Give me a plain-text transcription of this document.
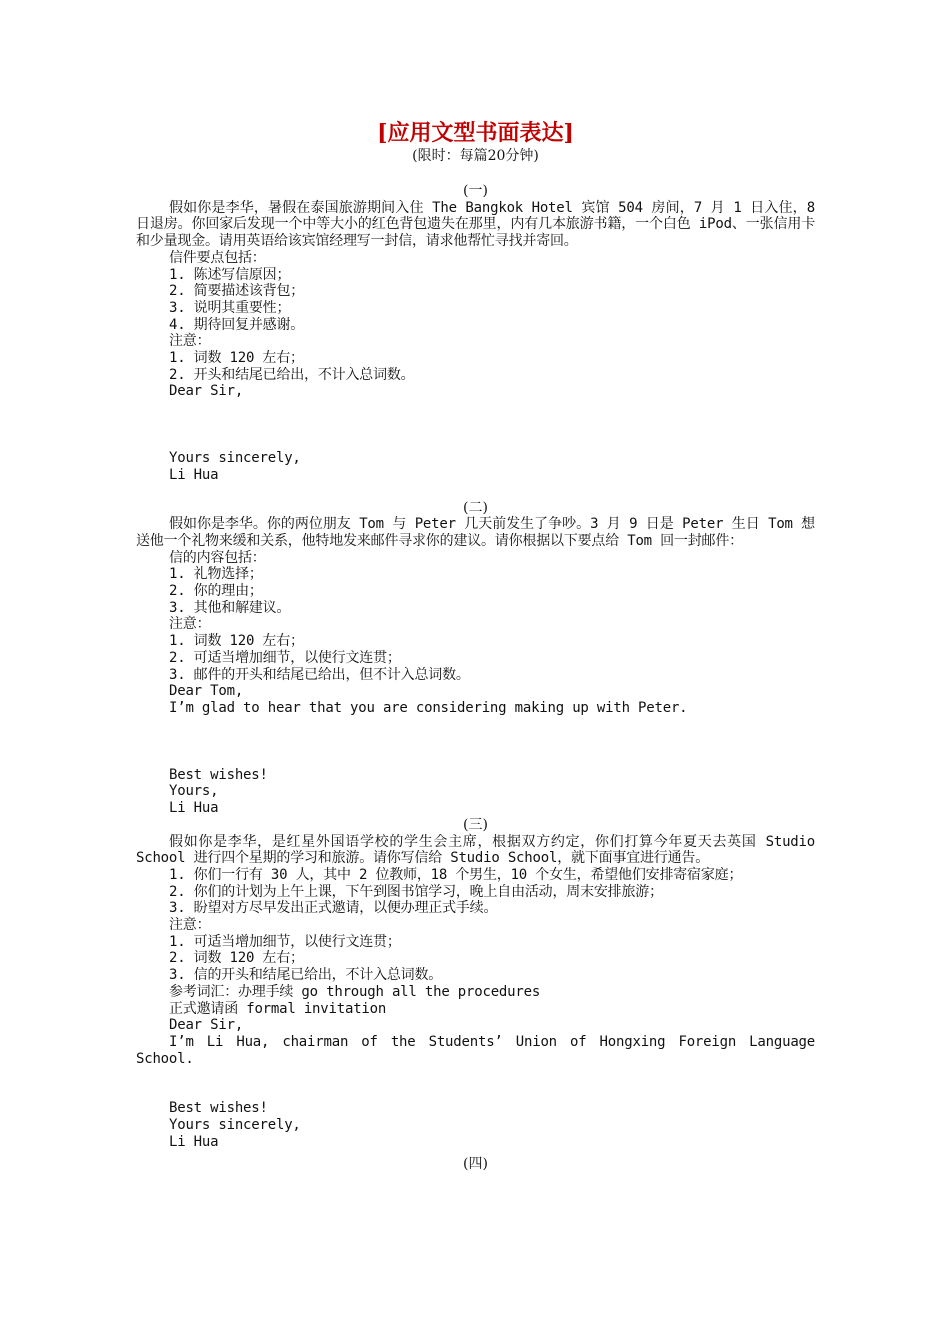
[应用文型书面表达]

(限时：每篇20分钟)

(一)

假如你是李华，暑假在泰国旅游期间入住 The Bangkok Hotel 宾馆 504 房间，7 月 1 日入住，8 日退房。你回家后发现一个中等大小的红色背包遗失在那里，内有几本旅游书籍，一个白色 iPod、一张信用卡和少量现金。请用英语给该宾馆经理写一封信，请求他帮忙寻找并寄回。

信件要点包括：

1. 陈述写信原因；

2. 简要描述该背包；

3. 说明其重要性；

4. 期待回复并感谢。

注意：

1. 词数 120 左右；

2. 开头和结尾已给出，不计入总词数。

Dear Sir,

Yours sincerely,

Li Hua

(二)

假如你是李华。你的两位朋友 Tom 与 Peter 几天前发生了争吵。3 月 9 日是 Peter 生日 Tom 想送他一个礼物来缓和关系，他特地发来邮件寻求你的建议。请你根据以下要点给 Tom 回一封邮件：

信的内容包括：

1. 礼物选择；

2. 你的理由；

3. 其他和解建议。

注意：

1. 词数 120 左右；

2. 可适当增加细节，以使行文连贯；

3. 邮件的开头和结尾已给出，但不计入总词数。

Dear Tom,

I’m glad to hear that you are considering making up with Peter.

Best wishes!

Yours,

Li Hua

(三)

假如你是李华，是红星外国语学校的学生会主席，根据双方约定，你们打算今年夏天去英国 Studio School 进行四个星期的学习和旅游。请你写信给 Studio School，就下面事宜进行通告。

1. 你们一行有 30 人，其中 2 位教师，18 个男生，10 个女生，希望他们安排寄宿家庭；

2. 你们的计划为上午上课，下午到图书馆学习，晚上自由活动，周末安排旅游；

3. 盼望对方尽早发出正式邀请，以便办理正式手续。

注意：

1. 可适当增加细节，以使行文连贯；

2. 词数 120 左右；

3. 信的开头和结尾已给出，不计入总词数。

参考词汇：办理手续 go through all the procedures

正式邀请函 formal invitation

Dear Sir,

I’m Li Hua, chairman of the Students’ Union of Hongxing Foreign Language School.

Best wishes!

Yours sincerely,

Li Hua

(四)
